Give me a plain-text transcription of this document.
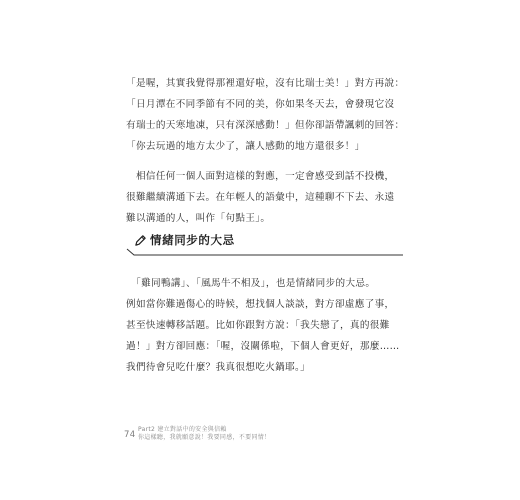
「是喔，其實我覺得那裡還好啦，沒有比瑞士美！」對方再說：
「日月潭在不同季節有不同的美，你如果冬天去，會發現它沒
有瑞士的天寒地凍，只有深深感動！」但你卻語帶諷刺的回答：
「你去玩過的地方太少了，讓人感動的地方還很多！」
　相信任何一個人面對這樣的對應，一定會感受到話不投機，
很難繼續溝通下去。在年輕人的語彙中，這種聊不下去、永遠
難以溝通的人，叫作「句點王」。
情緒同步的大忌
　「雞同鴨講」、「風馬牛不相及」，也是情緒同步的大忌。
例如當你難過傷心的時候，想找個人談談，對方卻虛應了事，
甚至快速轉移話題。比如你跟對方說：「我失戀了，真的很難
過！」對方卻回應：「喔，沒關係啦，下個人會更好，那麼……
我們待會兒吃什麼？我真很想吃火鍋耶。」
74
Part2 建立對話中的安全與信賴
你這樣聽，我就願意說！我要同感，不要同情！
